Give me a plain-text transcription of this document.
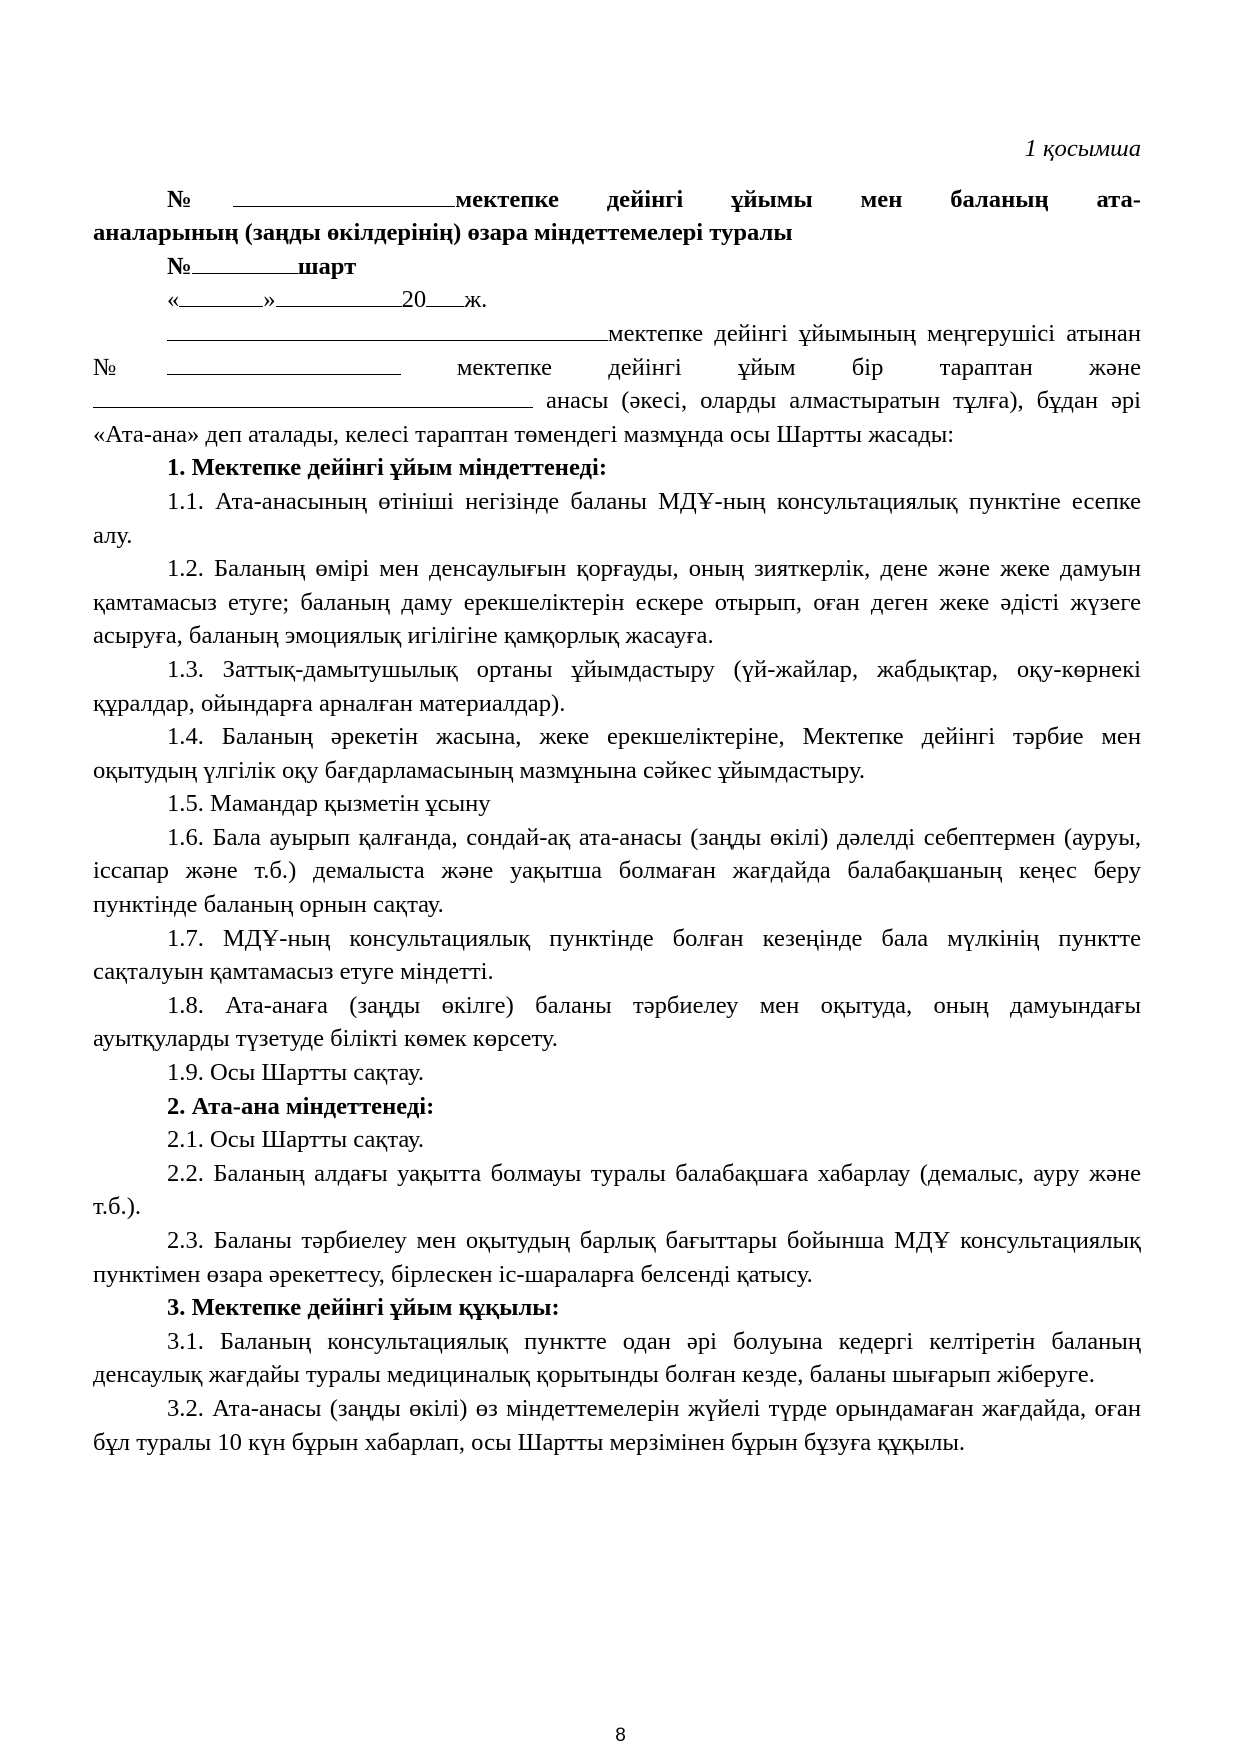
1 қосымша

№	мектепке дейінгі ұйымы мен баланың ата-

аналарының (заңды өкілдерінің) өзара міндеттемелері туралы

№	шарт

«	»	20 ж.

мектепке дейінгі ұйымының меңгерушісі атынан №	мектепке дейінгі ұйым бір тараптан және  анасы (әкесі, оларды алмастыратын тұлға), бұдан әрі «Ата-ана» деп аталады, келесі тараптан төмендегі мазмұнда осы Шартты жасады:

1. Мектепке дейінгі ұйым міндеттенеді:

1.1. Ата-анасының өтініші негізінде баланы МДҰ-ның консультациялық пунктіне есепке алу.

1.2. Баланың өмірі мен денсаулығын қорғауды, оның зияткерлік, дене және жеке дамуын қамтамасыз етуге; баланың даму ерекшеліктерін ескере отырып, оған деген жеке әдісті жүзеге асыруға, баланың эмоциялық игілігіне қамқорлық жасауға.

1.3. Заттық-дамытушылық ортаны ұйымдастыру (үй-жайлар, жабдықтар, оқу-көрнекі құралдар, ойындарға арналған материалдар).

1.4. Баланың әрекетін жасына, жеке ерекшеліктеріне, Мектепке дейінгі тәрбие мен оқытудың үлгілік оқу бағдарламасының мазмұнына сәйкес ұйымдастыру.

1.5. Мамандар қызметін ұсыну

1.6. Бала ауырып қалғанда, сондай-ақ ата-анасы (заңды өкілі) дәлелді себептермен (ауруы, іссапар және т.б.) демалыста және уақытша болмаған жағдайда балабақшаның кеңес беру пунктінде баланың орнын сақтау.

1.7. МДҰ-ның консультациялық пунктінде болған кезеңінде бала мүлкінің пунктте сақталуын қамтамасыз етуге міндетті.

1.8. Ата-анаға (заңды өкілге) баланы тәрбиелеу мен оқытуда, оның дамуындағы ауытқуларды түзетуде білікті көмек көрсету.

1.9. Осы Шартты сақтау.

2. Ата-ана міндеттенеді:

2.1. Осы Шартты сақтау.

2.2. Баланың алдағы уақытта болмауы туралы балабақшаға хабарлау (демалыс, ауру және т.б.).

2.3. Баланы тәрбиелеу мен оқытудың барлық бағыттары бойынша МДҰ консультациялық пунктімен өзара әрекеттесу, бірлескен іс-шараларға белсенді қатысу.

3. Мектепке дейінгі ұйым құқылы:

3.1. Баланың консультациялық пунктте одан әрі болуына кедергі келтіретін баланың денсаулық жағдайы туралы медициналық қорытынды болған кезде, баланы шығарып жіберуге.

3.2. Ата-анасы (заңды өкілі) өз міндеттемелерін жүйелі түрде орындамаған жағдайда, оған бұл туралы 10 күн бұрын хабарлап, осы Шартты мерзімінен бұрын бұзуға құқылы.

8
